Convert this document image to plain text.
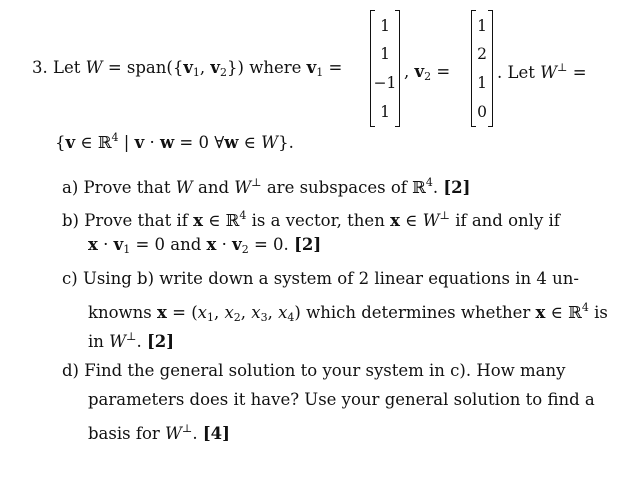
3. Let $W = span(\{v_1$, $v_2$}) where $v_1$ =
1
1
−1
1
, $v_2$ =
1
2
1
0
. Let W⊥ =
{v ∈ ℝ$^4$ | v · w = 0 ∀w ∈ W}.
a) Prove that W and W⊥ are subspaces of ℝ$^4$. [2]
b) Prove that if x ∈ ℝ$^4$ is a vector, then x ∈ W⊥ if and only if
$x \cdot v_1 = 0$ and $x \cdot v_2 = 0$. [2]
c) Using b) write down a system of 2 linear equations in 4 un-
knowns $x = (x_1$, $x_2$, $x_3$, $x_4$) which determines whether x ∈ ℝ$^4$ is
in W⊥. [2]
d) Find the general solution to your system in c). How many
parameters does it have? Use your general solution to find a
basis for W⊥. [4]
